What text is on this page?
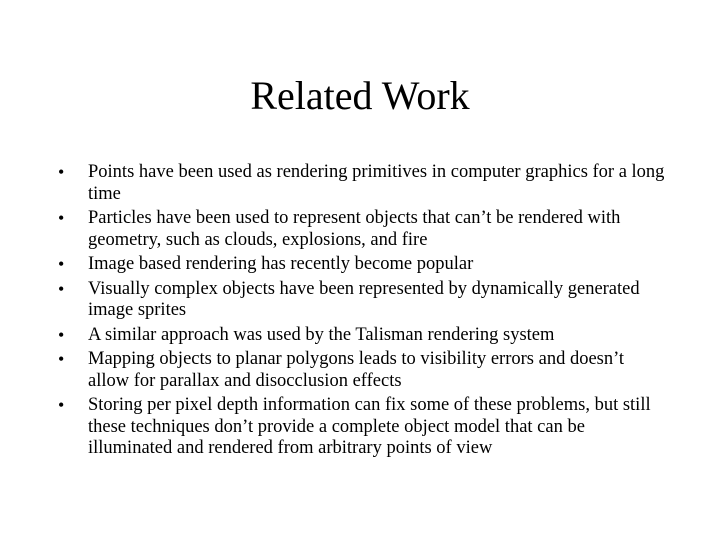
Related Work
• Points have been used as rendering primitives in computer graphics for a long time
• Particles have been used to represent objects that can’t be rendered with geometry, such as clouds, explosions, and fire
• Image based rendering has recently become popular
• Visually complex objects have been represented by dynamically generated image sprites
• A similar approach was used by the Talisman rendering system
• Mapping objects to planar polygons leads to visibility errors and doesn’t allow for parallax and disocclusion effects
• Storing per pixel depth information can fix some of these problems, but still these techniques don’t provide a complete object model that can be illuminated and rendered from arbitrary points of view
